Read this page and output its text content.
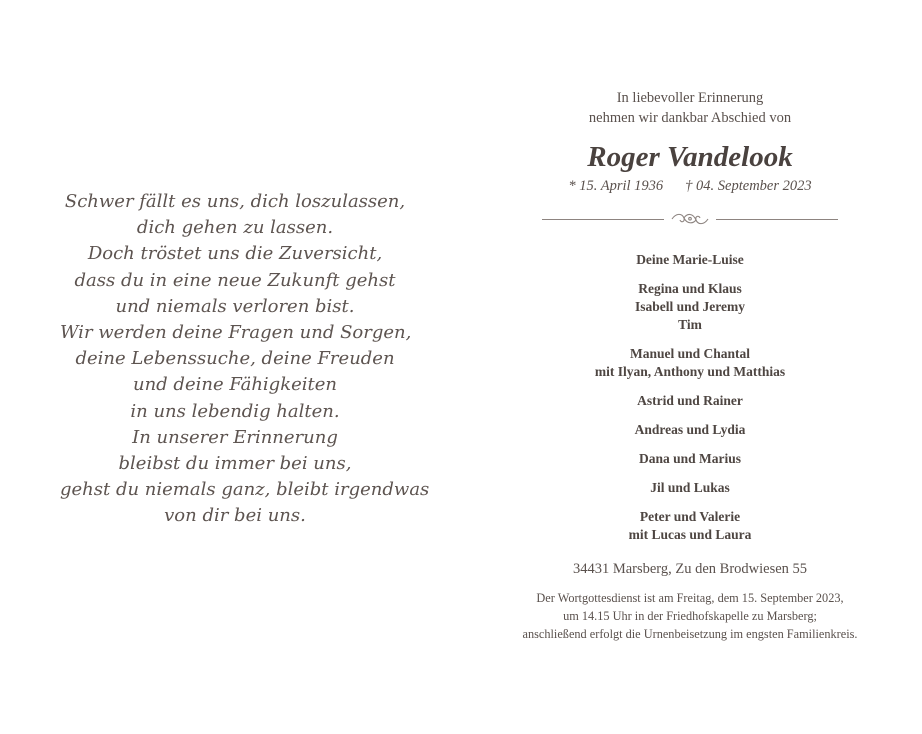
Schwer fällt es uns, dich loszulassen,
dich gehen zu lassen.
Doch tröstet uns die Zuversicht,
dass du in eine neue Zukunft gehst
und niemals verloren bist.
Wir werden deine Fragen und Sorgen,
deine Lebenssuche, deine Freuden
und deine Fähigkeiten
in uns lebendig halten.
In unserer Erinnerung
bleibst du immer bei uns,
gehst du niemals ganz, bleibt irgendwas
von dir bei uns.
In liebevoller Erinnerung
nehmen wir dankbar Abschied von
Roger Vandelook
* 15. April 1936 † 04. September 2023
Deine Marie-Luise
Regina und Klaus
Isabell und Jeremy
Tim
Manuel und Chantal
mit Ilyan, Anthony und Matthias
Astrid und Rainer
Andreas und Lydia
Dana und Marius
Jil und Lukas
Peter und Valerie
mit Lucas und Laura
34431 Marsberg, Zu den Brodwiesen 55
Der Wortgottesdienst ist am Freitag, dem 15. September 2023,
um 14.15 Uhr in der Friedhofskapelle zu Marsberg;
anschließend erfolgt die Urnenbeisetzung im engsten Familienkreis.
